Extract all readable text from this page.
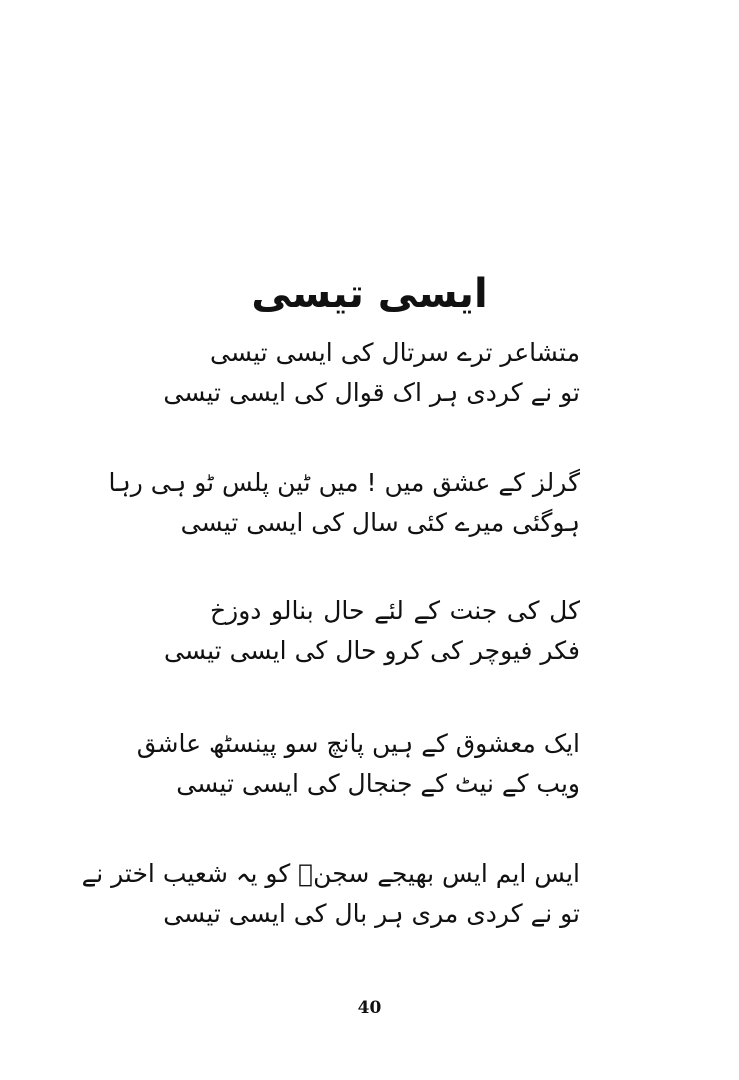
ایسی تیسی
متشاعر ترے سرتال کی ایسی تیسی
تو نے کردی ہر اک قوال کی ایسی تیسی
گرلز کے عشق میں ! میں ٹین پلس ٹو ہی رہا
ہوگئی میرے کئی سال کی ایسی تیسی
کل کی جنت کے لئے حال بنالو دوزخ
فکر فیوچر کی کرو حال کی ایسی تیسی
ایک معشوق کے ہیں پانچ سو پینسٹھ عاشق
ویب کے نیٹ کے جنجال کی ایسی تیسی
ایس ایم ایس بھیجے سجنؔ کو یہ شعیب اختر نے
تو نے کردی مری ہر بال کی ایسی تیسی
40
